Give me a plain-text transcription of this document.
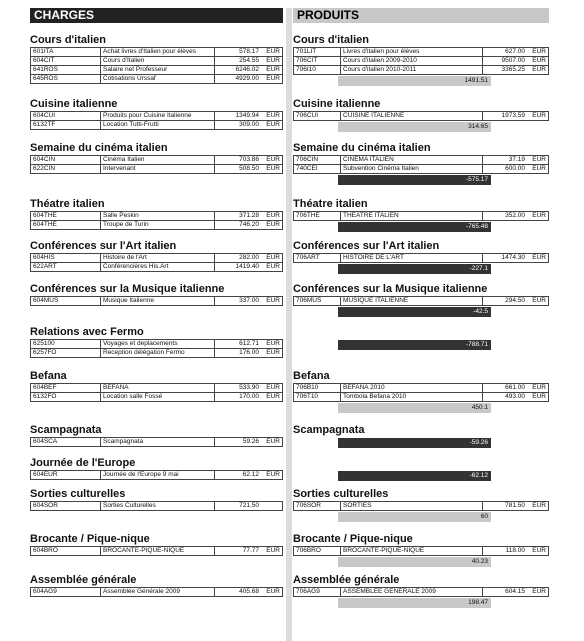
CHARGES	PRODUITS
Cours d'italien
601ITA	Achat livres d'Italien pour élèves	578.17	EUR
604CIT	Cours d'Italien	254.55	EUR
641ROS	Salaire net Professeur	6246.02	EUR
645ROS	Cotisations Urssaf	4929.00	EUR
Cuisine italienne
604CUI	Produits pour Cuisine Italienne	1349.94	EUR
6132TF	Location Tutti-Frutti	309.00	EUR
Semaine du cinéma italien
604CIN	Cinéma Italien	703.86	EUR
622CIN	Intervenant	508.50	EUR
Théatre italien
604THE	Salle Peskin	371.28	EUR
604THE	Troupe de Turin	746.20	EUR
Conférences sur l'Art italien
604HIS	Histoire de l'Art	282.00	EUR
622ART	Conférencières His.Art	1419.40	EUR
Conférences sur la Musique italienne
604MUS	Musique Italienne	337.00	EUR
Relations avec Fermo
625100	Voyages et deplacements	612.71	EUR
6257FO	Reception délégation Fermo	176.00	EUR
Befana
604BEF	BEFANA	533.90	EUR
6132FO	Location salle Fossé	170.00	EUR
Scampagnata
604SCA	Scampagnata	59.26	EUR
Journée de l'Europe
604EUR	Journée de l'Europe 9 mai	62.12	EUR
Sorties culturelles
604SOR	Sorties Culturelles	721.50	
Brocante / Pique-nique
604BRO	BROCANTE-PIQUE-NIQUE	77.77	EUR
Assemblée générale
604AG9	Assemblée Générale 2009	405.68	EUR
Cours d'italien
701LIT	Livres d'italien pour élèves	627.00	EUR
706CIT	Cours d'italien 2009-2010	9507.00	EUR
706I10	Cours d'italien 2010-2011	3365.25	EUR
1491.51
Cuisine italienne
706CUI	CUISINE ITALIENNE	1973.59	EUR
314.65
Semaine du cinéma italien
706CIN	CINEMA ITALIEN	37.19	EUR
740CEI	Subvention Cinéma Italien	600.00	EUR
-575.17
Théatre italien
706THE	THEATRE ITALIEN	352.00	EUR
-765.48
Conférences sur l'Art italien
706ART	HISTOIRE DE L'ART	1474.30	EUR
-227.1
Conférences sur la Musique italienne
706MUS	MUSIQUE ITALIENNE	294.50	EUR
-42.5
-788.71
Befana
706B10	BEFANA 2010	661.00	EUR
706T10	Tombola Befana 2010	493.00	EUR
450.1
Scampagnata
-59.26
-62.12
Sorties culturelles
706SOR	SORTIES	781.50	EUR
60
Brocante / Pique-nique
706BRO	BROCANTE-PIQUE-NIQUE	118.00	EUR
40.23
Assemblée générale
706AG9	ASSEMBLEE GENERALE 2009	604.15	EUR
198.47
